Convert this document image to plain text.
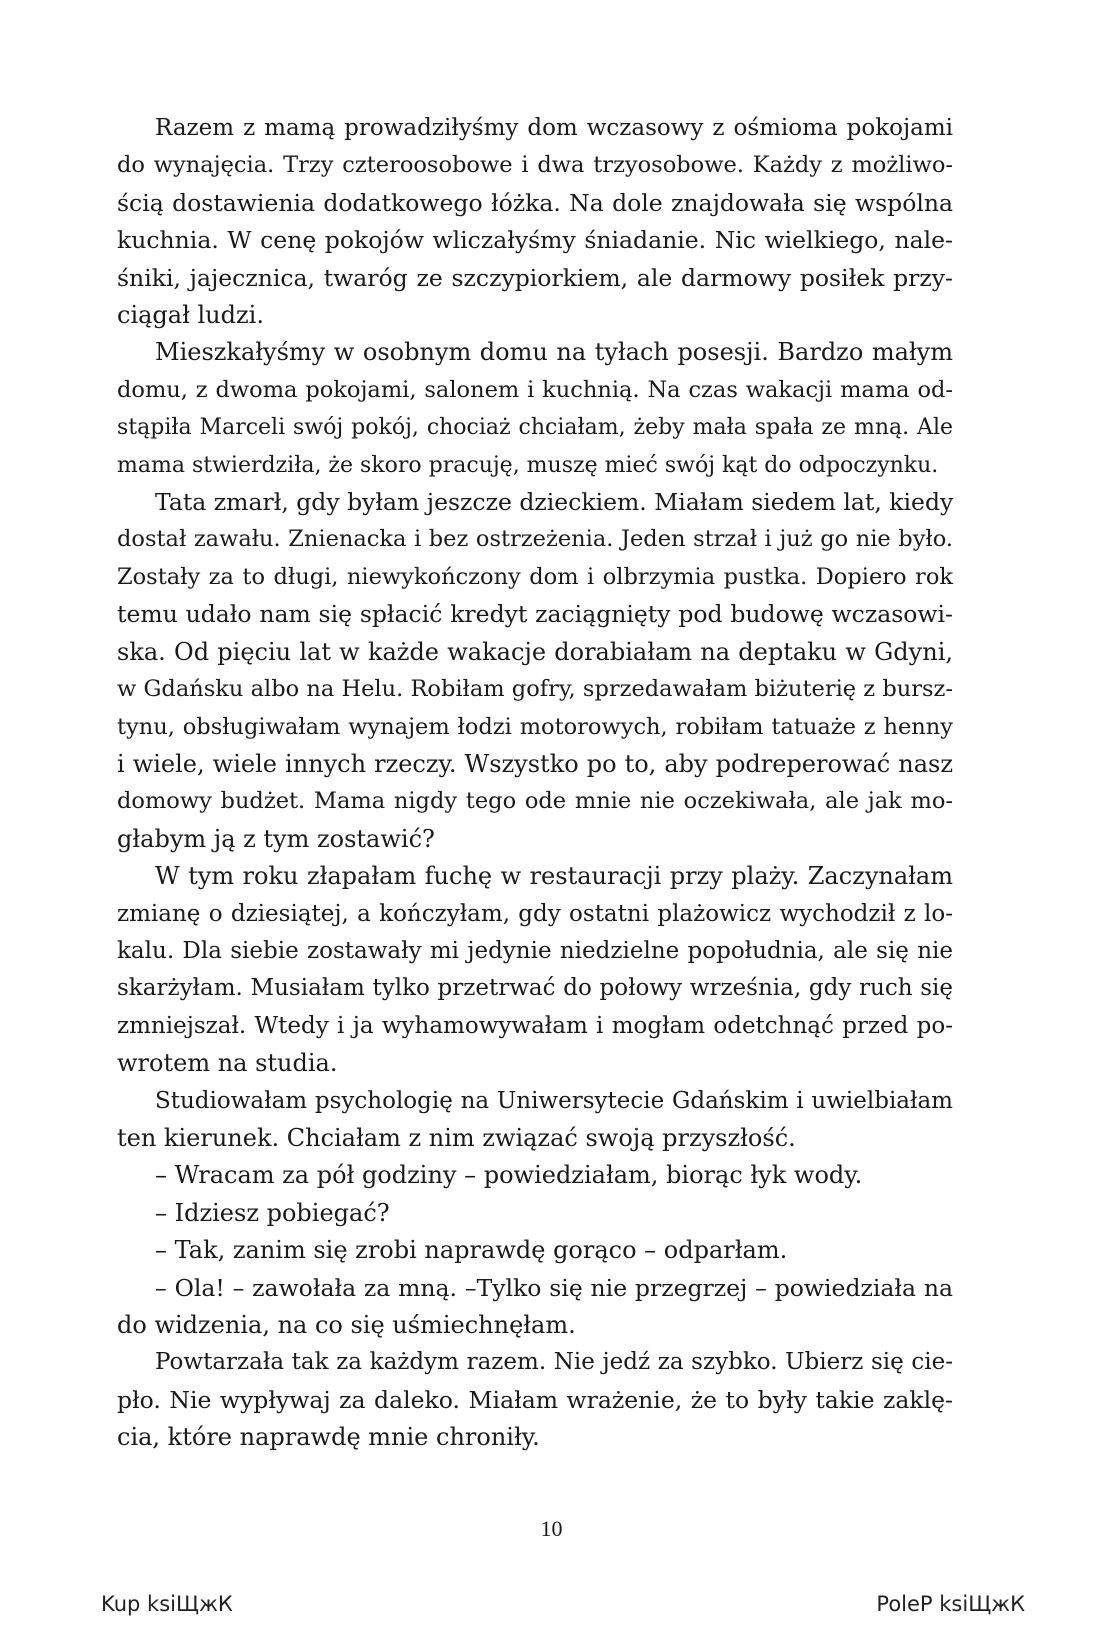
Razem z mamą prowadziłyśmy dom wczasowy z ośmioma pokojami
do wynajęcia. Trzy czteroosobowe i dwa trzyosobowe. Każdy z możliwo-
ścią dostawienia dodatkowego łóżka. Na dole znajdowała się wspólna
kuchnia. W cenę pokojów wliczałyśmy śniadanie. Nic wielkiego, nale-
śniki, jajecznica, twaróg ze szczypiorkiem, ale darmowy posiłek przy-
ciągał ludzi.
Mieszkałyśmy w osobnym domu na tyłach posesji. Bardzo małym
domu, z dwoma pokojami, salonem i kuchnią. Na czas wakacji mama od-
stąpiła Marceli swój pokój, chociaż chciałam, żeby mała spała ze mną. Ale
mama stwierdziła, że skoro pracuję, muszę mieć swój kąt do odpoczynku.
Tata zmarł, gdy byłam jeszcze dzieckiem. Miałam siedem lat, kiedy
dostał zawału. Znienacka i bez ostrzeżenia. Jeden strzał i już go nie było.
Zostały za to długi, niewykończony dom i olbrzymia pustka. Dopiero rok
temu udało nam się spłacić kredyt zaciągnięty pod budowę wczasowi-
ska. Od pięciu lat w każde wakacje dorabiałam na deptaku w Gdyni,
w Gdańsku albo na Helu. Robiłam gofry, sprzedawałam biżuterię z bursz-
tynu, obsługiwałam wynajem łodzi motorowych, robiłam tatuaże z henny
i wiele, wiele innych rzeczy. Wszystko po to, aby podreperować nasz
domowy budżet. Mama nigdy tego ode mnie nie oczekiwała, ale jak mo-
głabym ją z tym zostawić?
W tym roku złapałam fuchę w restauracji przy plaży. Zaczynałam
zmianę o dziesiątej, a kończyłam, gdy ostatni plażowicz wychodził z lo-
kalu. Dla siebie zostawały mi jedynie niedzielne popołudnia, ale się nie
skarżyłam. Musiałam tylko przetrwać do połowy września, gdy ruch się
zmniejszał. Wtedy i ja wyhamowywałam i mogłam odetchnąć przed po-
wrotem na studia.
Studiowałam psychologię na Uniwersytecie Gdańskim i uwielbiałam
ten kierunek. Chciałam z nim związać swoją przyszłość.
– Wracam za pół godziny – powiedziałam, biorąc łyk wody.
– Idziesz pobiegać?
– Tak, zanim się zrobi naprawdę gorąco – odparłam.
– Ola! – zawołała za mną. –Tylko się nie przegrzej – powiedziała na
do widzenia, na co się uśmiechnęłam.
Powtarzała tak za każdym razem. Nie jedź za szybko. Ubierz się cie-
pło. Nie wypływaj za daleko. Miałam wrażenie, że to były takie zaklę-
cia, które naprawdę mnie chroniły.
10
Kup ksiЩжК	PoleP ksiЩжК
